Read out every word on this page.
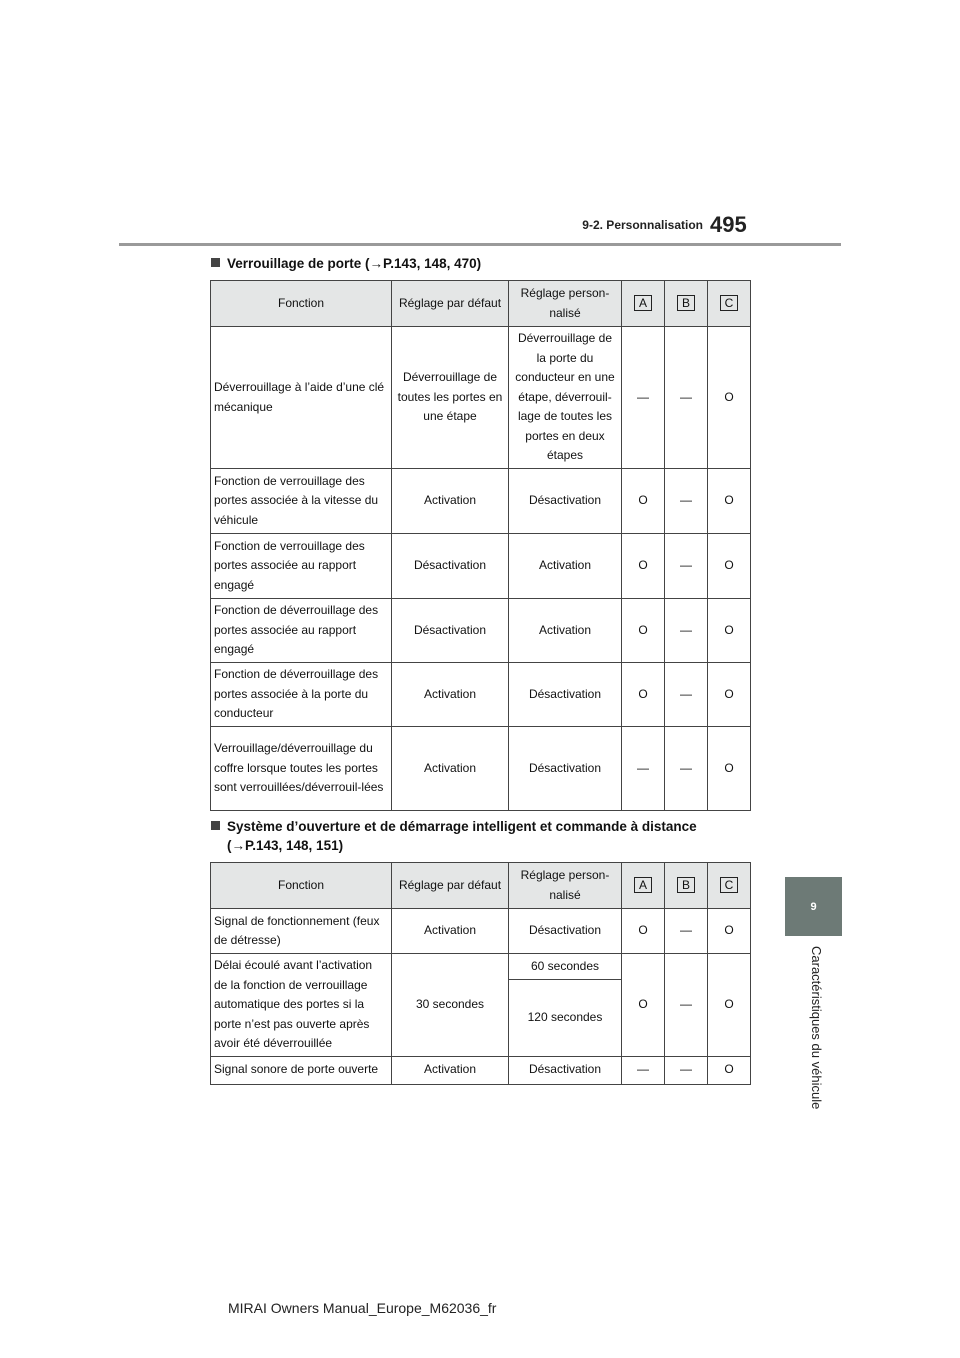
9-2. Personnalisation 495
9
Caractéristiques du véhicule
Verrouillage de porte (→P.143, 148, 470)
Fonction	Réglage par défaut	Réglage person-nalisé	A	B	C
Déverrouillage à l’aide d’une clé mécanique	Déverrouillage de toutes les portes en une étape	Déverrouillage de la porte du conducteur en une étape, déverrouil-lage de toutes les portes en deux étapes	—	—	O
Fonction de verrouillage des portes associée à la vitesse du véhicule	Activation	Désactivation	O	—	O
Fonction de verrouillage des portes associée au rapport engagé	Désactivation	Activation	O	—	O
Fonction de déverrouillage des portes associée au rapport engagé	Désactivation	Activation	O	—	O
Fonction de déverrouillage des portes associée à la porte du conducteur	Activation	Désactivation	O	—	O
Verrouillage/déverrouillage du coffre lorsque toutes les portes sont verrouillées/déverrouil-lées	Activation	Désactivation	—	—	O
Système d’ouverture et de démarrage intelligent et commande à distance
(→P.143, 148, 151)
Fonction	Réglage par défaut	Réglage person-nalisé	A	B	C
Signal de fonctionnement (feux de détresse)	Activation	Désactivation	O	—	O
Délai écoulé avant l’activation de la fonction de verrouillage automatique des portes si la porte n’est pas ouverte après avoir été déverrouillée	30 secondes	60 secondes	O	—	O
		120 secondes			
Signal sonore de porte ouverte	Activation	Désactivation	—	—	O
MIRAI Owners Manual_Europe_M62036_fr
